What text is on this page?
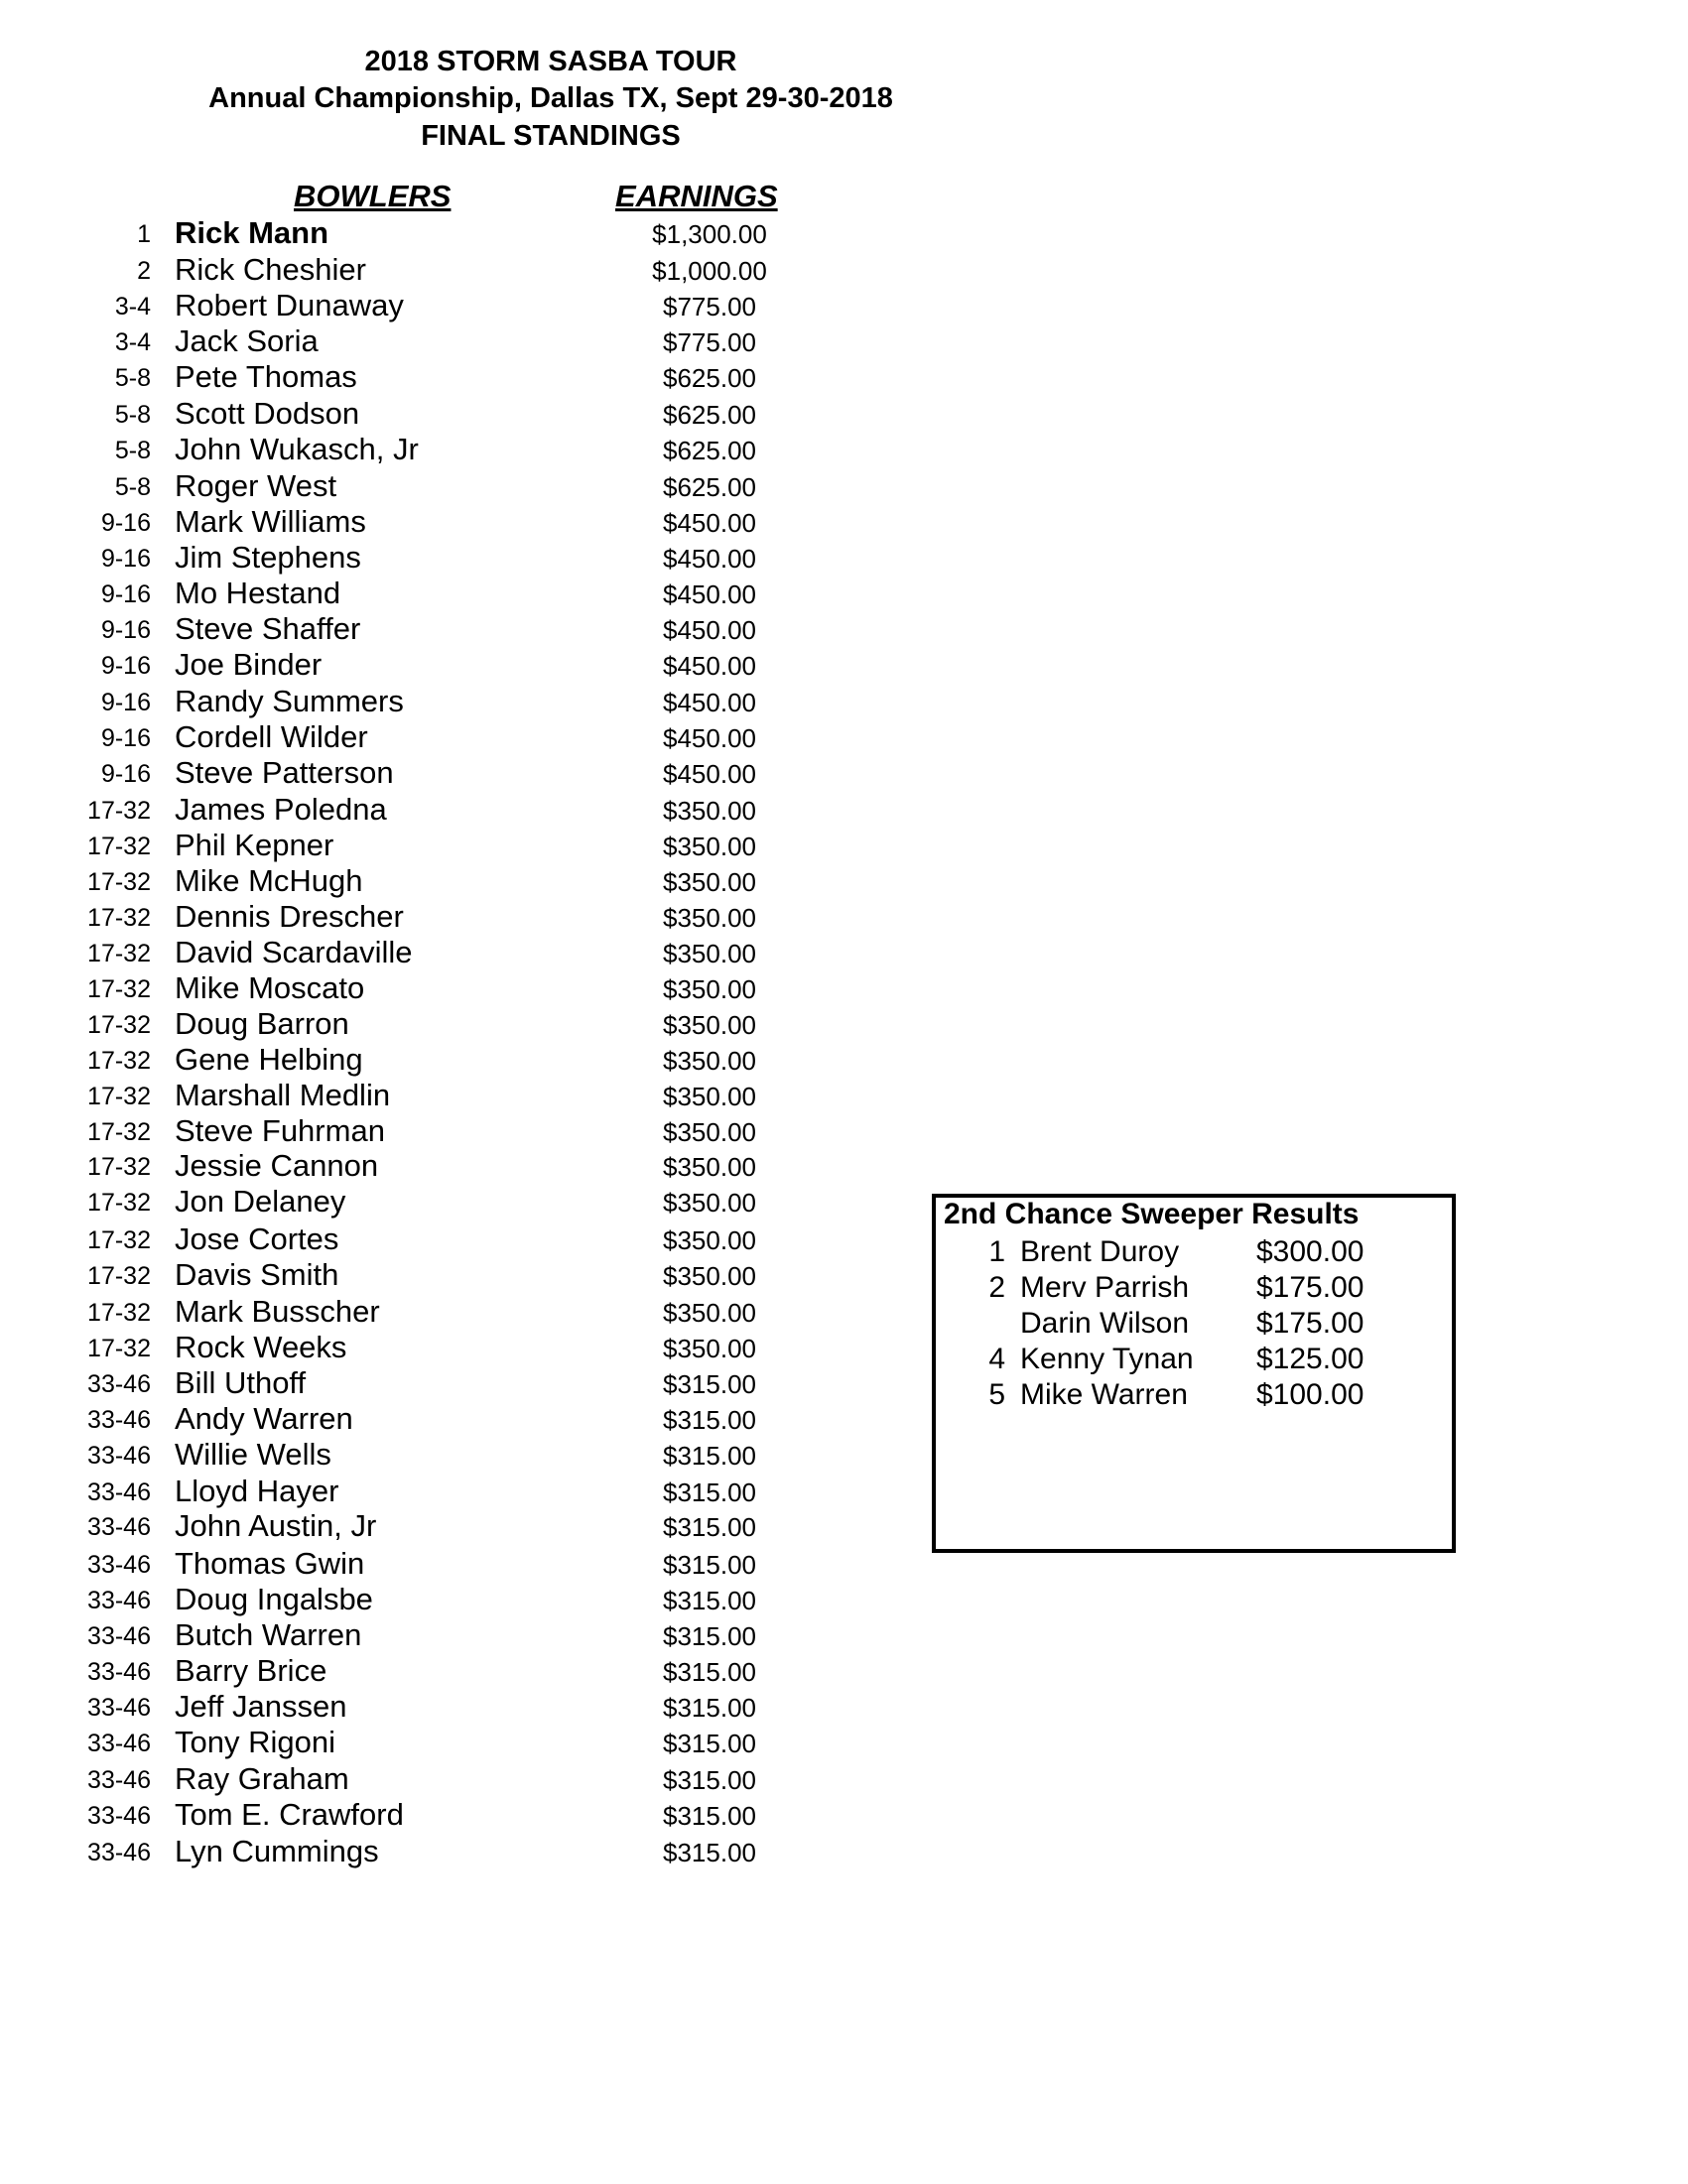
2018 STORM SASBA TOUR
Annual Championship, Dallas TX, Sept 29-30-2018
FINAL STANDINGS
BOWLERS	EARNINGS
1 Rick Mann	$1,300.00
2 Rick Cheshier	$1,000.00
3-4 Robert Dunaway	$775.00
3-4 Jack Soria	$775.00
5-8 Pete Thomas	$625.00
5-8 Scott Dodson	$625.00
5-8 John Wukasch, Jr	$625.00
5-8 Roger West	$625.00
9-16 Mark Williams	$450.00
9-16 Jim Stephens	$450.00
9-16 Mo Hestand	$450.00
9-16 Steve Shaffer	$450.00
9-16 Joe Binder	$450.00
9-16 Randy Summers	$450.00
9-16 Cordell Wilder	$450.00
9-16 Steve Patterson	$450.00
17-32 James Poledna	$350.00
17-32 Phil Kepner	$350.00
17-32 Mike McHugh	$350.00
17-32 Dennis Drescher	$350.00
17-32 David Scardaville	$350.00
17-32 Mike Moscato	$350.00
17-32 Doug Barron	$350.00
17-32 Gene Helbing	$350.00
17-32 Marshall Medlin	$350.00
17-32 Steve Fuhrman	$350.00
17-32 Jessie Cannon	$350.00
17-32 Jon Delaney	$350.00
17-32 Jose Cortes	$350.00
17-32 Davis Smith	$350.00
17-32 Mark Busscher	$350.00
17-32 Rock Weeks	$350.00
33-46 Bill Uthoff	$315.00
33-46 Andy Warren	$315.00
33-46 Willie Wells	$315.00
33-46 Lloyd Hayer	$315.00
33-46 John Austin, Jr	$315.00
33-46 Thomas Gwin	$315.00
33-46 Doug Ingalsbe	$315.00
33-46 Butch Warren	$315.00
33-46 Barry Brice	$315.00
33-46 Jeff Janssen	$315.00
33-46 Tony Rigoni	$315.00
33-46 Ray Graham	$315.00
33-46 Tom E. Crawford	$315.00
33-46 Lyn Cummings	$315.00
2nd Chance Sweeper Results
1 Brent Duroy	$300.00
2 Merv Parrish $175.00
Darin Wilson $175.00
4 Kenny Tynan $125.00
5 Mike Warren $100.00
